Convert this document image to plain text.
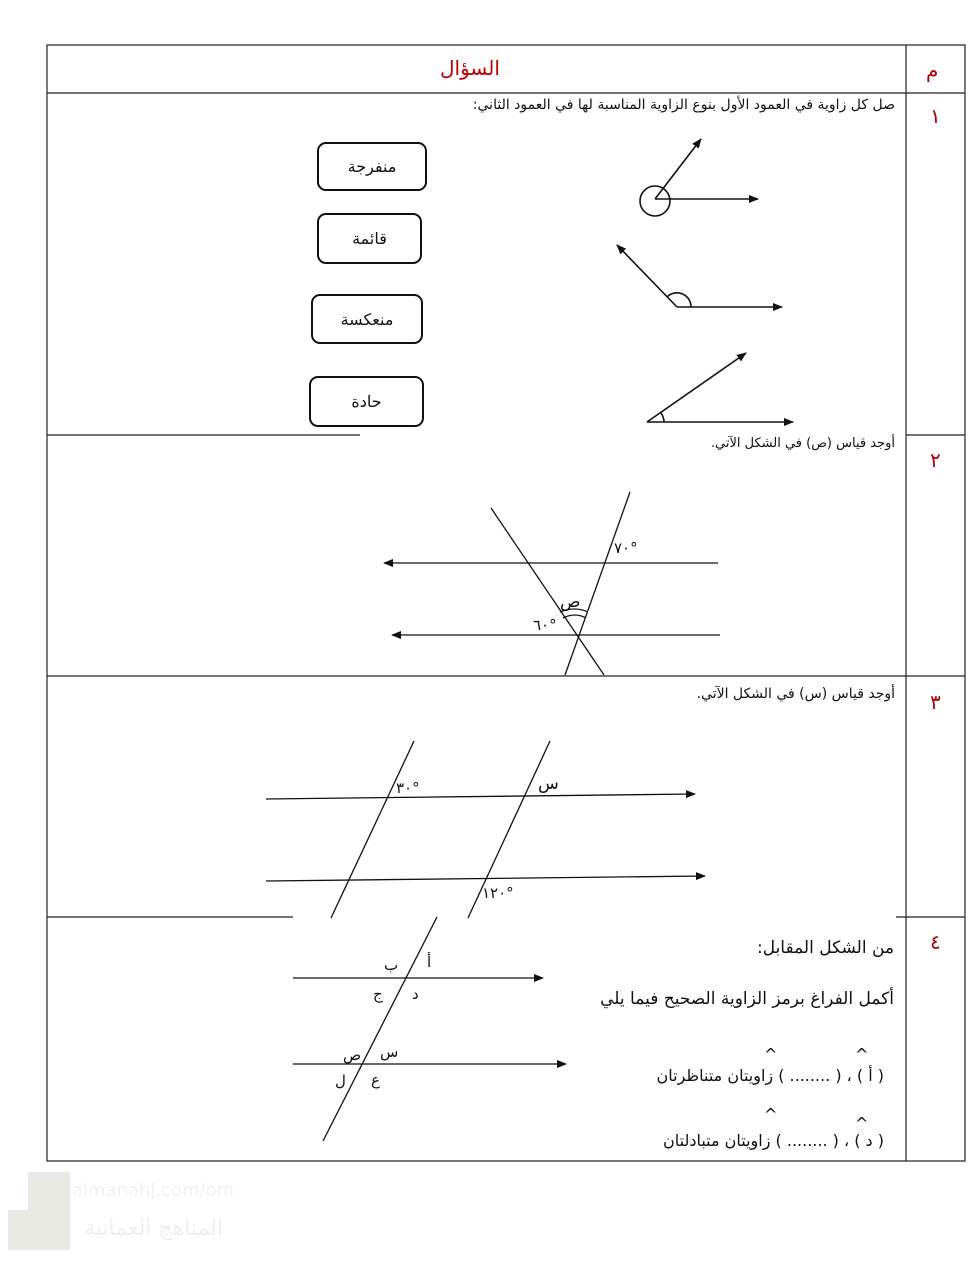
م
السؤال
١
صل كل زاوية في العمود الأول بنوع الزاوية المناسبة لها في العمود الثاني:
منفرجة
قائمة
منعكسة
حادة
٢
أوجد قياس (ص) في الشكل الآتي.
٧٠°
٦٠°
ص
٣
أوجد قياس (س) في الشكل الآتي.
٣٠°
١٢٠°
س
٤
من الشكل المقابل:
أكمل الفراغ برمز الزاوية الصحيح فيما يلي
^	^
( أ ) ، ( ........ ) زاويتان متناظرتان
^	^
( د ) ، ( ........ ) زاويتان متبادلتان
أ
ب
د
ج
س
ص
ع
ل
almanahj.com/om
المناهج العمانية
